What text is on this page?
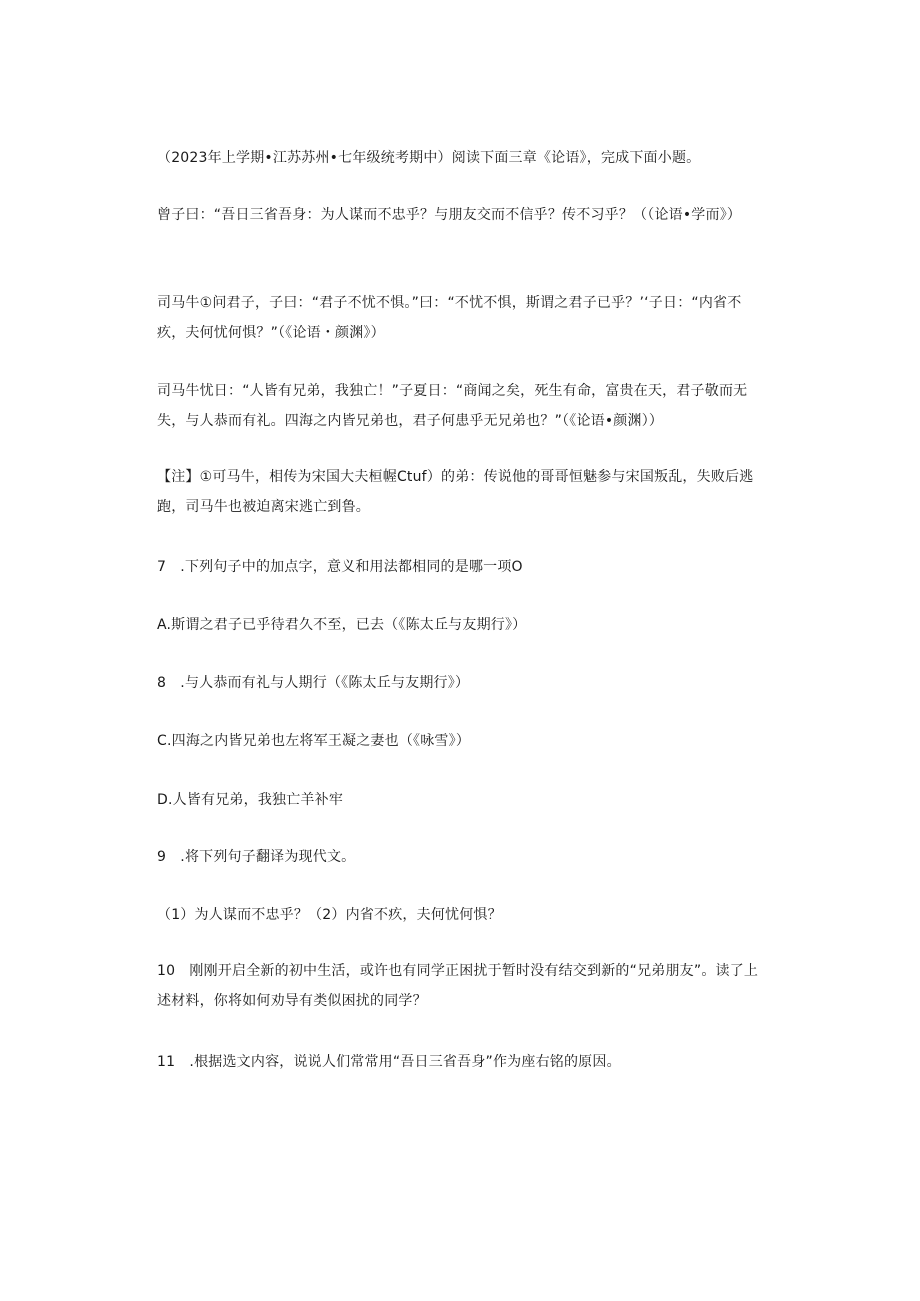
（2023年上学期•江苏苏州•七年级统考期中）阅读下面三章《论语》，完成下面小题。

曾子曰：“吾日三省吾身：为人谋而不忠乎？与朋友交而不信乎？传不习乎？（（论语•学而》）

司马牛①问君子，子曰：“君子不忧不惧。”曰：“不忧不惧，斯谓之君子已乎？’‘子日：“内省不疚，夫何忧何惧？”（《论语・颜渊》）

司马牛忧日：“人皆有兄弟，我独亡！”子夏日：“商闻之矣，死生有命，富贵在天，君子敬而无失，与人恭而有礼。四海之内皆兄弟也，君子何患乎无兄弟也？”（《论语•颜渊））

【注】①可马牛，相传为宋国大夫桓幄Ctuf）的弟：传说他的哥哥恒魅参与宋国叛乱，失败后逃跑，司马牛也被迫离宋逃亡到鲁。

7　.下列句子中的加点字，意义和用法都相同的是哪一项O

A.斯谓之君子已乎待君久不至，已去（《陈太丘与友期行》）

8　.与人恭而有礼与人期行（《陈太丘与友期行》）

C.四海之内皆兄弟也左将军王凝之妻也（《咏雪》）

D.人皆有兄弟，我独亡羊补牢

9　.将下列句子翻译为现代文。

（1）为人谋而不忠乎？（2）内省不疚，夫何忧何惧？

10　刚刚开启全新的初中生活，或许也有同学正困扰于暂时没有结交到新的“兄弟朋友”。读了上述材料，你将如何劝导有类似困扰的同学？

11　.根据选文内容，说说人们常常用“吾日三省吾身”作为座右铭的原因。
